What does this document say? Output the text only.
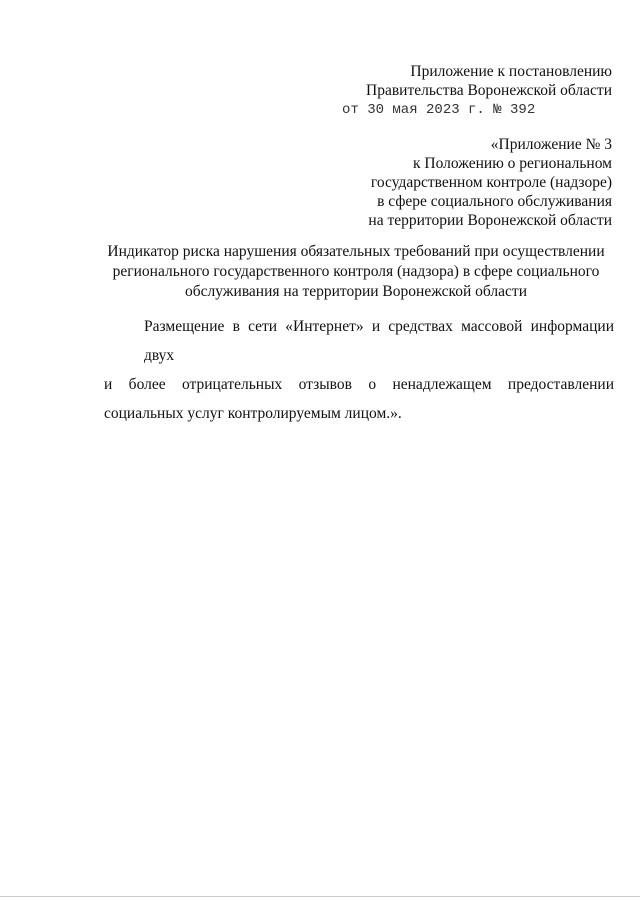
Приложение к постановлению
Правительства Воронежской области
от 30 мая 2023 г. № 392
«Приложение № 3
к Положению о региональном
государственном контроле (надзоре)
в сфере социального обслуживания
на территории Воронежской области
Индикатор риска нарушения обязательных требований при осуществлении
регионального государственного контроля (надзора) в сфере социального
обслуживания на территории Воронежской области
Размещение в сети «Интернет» и средствах массовой информации двух
и более отрицательных отзывов о ненадлежащем предоставлении
социальных услуг контролируемым лицом.».
